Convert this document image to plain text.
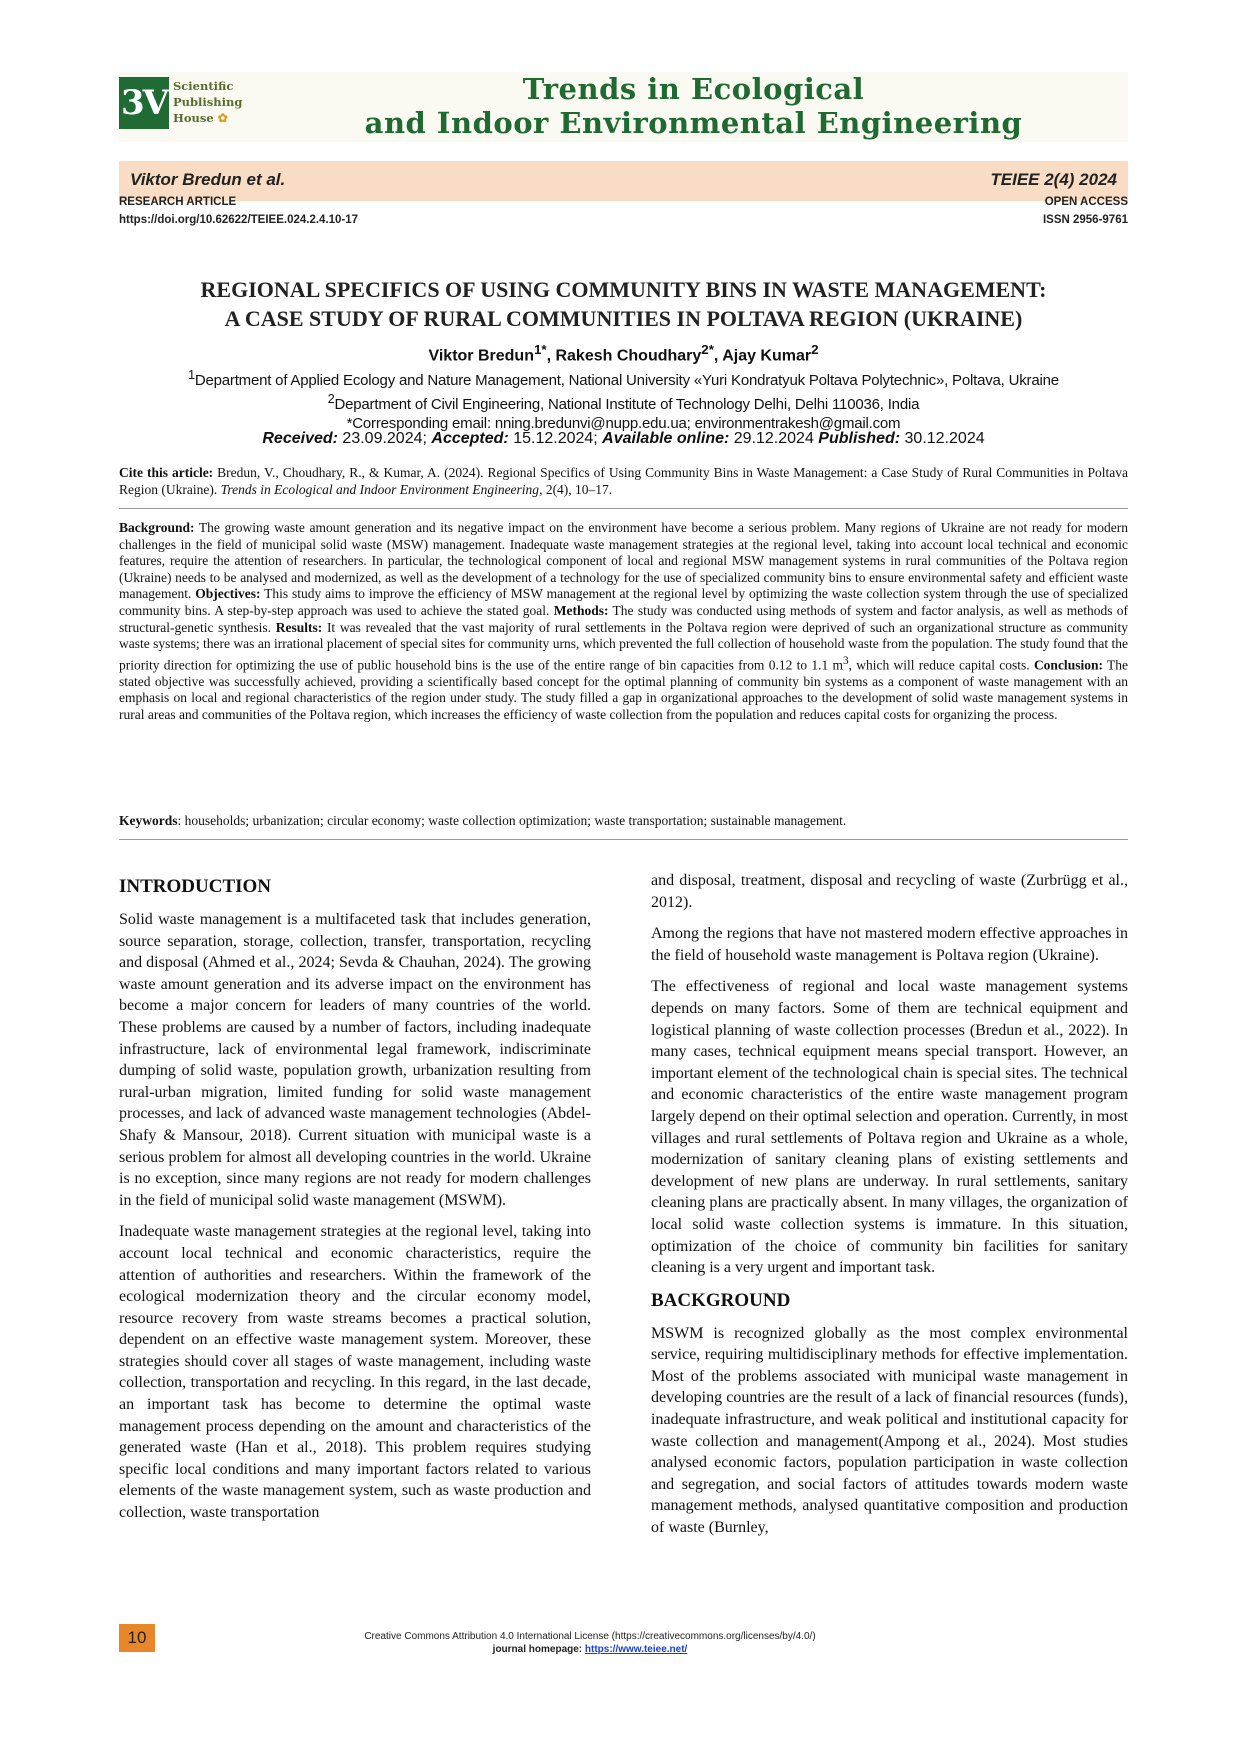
3V Scientific
Publishing
House ✿
Trends in Ecological
and Indoor Environmental Engineering
Viktor Bredun et al.	TEIEE 2(4) 2024
RESEARCH ARTICLE
https://doi.org/10.62622/TEIEE.024.2.4.10-17
OPEN ACCESS
ISSN 2956-9761
REGIONAL SPECIFICS OF USING COMMUNITY BINS IN WASTE MANAGEMENT:
A CASE STUDY OF RURAL COMMUNITIES IN POLTAVA REGION (UKRAINE)
Viktor Bredun$^{1*}$, Rakesh Choudhary$^{2*}$, Ajay Kumar$^2$
$^1$Department of Applied Ecology and Nature Management, National University «Yuri Kondratyuk Poltava Polytechnic», Poltava, Ukraine
$^2$Department of Civil Engineering, National Institute of Technology Delhi, Delhi 110036, India
*Corresponding email: nning.bredunvi@nupp.edu.ua; environmentrakesh@gmail.com
Received: 23.09.2024; Accepted: 15.12.2024; Available online: 29.12.2024 Published: 30.12.2024
Cite this article: Bredun, V., Choudhary, R., & Kumar, A. (2024). Regional Specifics of Using Community Bins in Waste Management: a Case Study of Rural Communities in Poltava Region (Ukraine). Trends in Ecological and Indoor Environment Engineering, 2(4), 10–17.
Background: The growing waste amount generation and its negative impact on the environment have become a serious problem. Many regions of Ukraine are not ready for modern challenges in the field of municipal solid waste (MSW) management. Inadequate waste management strategies at the regional level, taking into account local technical and economic features, require the attention of researchers. In particular, the technological component of local and regional MSW management systems in rural communities of the Poltava region (Ukraine) needs to be analysed and modernized, as well as the development of a technology for the use of specialized community bins to ensure environmental safety and efficient waste management. Objectives: This study aims to improve the efficiency of MSW management at the regional level by optimizing the waste collection system through the use of specialized community bins. A step-by-step approach was used to achieve the stated goal. Methods: The study was conducted using methods of system and factor analysis, as well as methods of structural-genetic synthesis. Results: It was revealed that the vast majority of rural settlements in the Poltava region were deprived of such an organizational structure as community waste systems; there was an irrational placement of special sites for community urns, which prevented the full collection of household waste from the population. The study found that the priority direction for optimizing the use of public household bins is the use of the entire range of bin capacities from 0.12 to 1.1 $m^3$, which will reduce capital costs. Conclusion: The stated objective was successfully achieved, providing a scientifically based concept for the optimal planning of community bin systems as a component of waste management with an emphasis on local and regional characteristics of the region under study. The study filled a gap in organizational approaches to the development of solid waste management systems in rural areas and communities of the Poltava region, which increases the efficiency of waste collection from the population and reduces capital costs for organizing the process.
Keywords: households; urbanization; circular economy; waste collection optimization; waste transportation; sustainable management.
INTRODUCTION

Solid waste management is a multifaceted task that includes generation, source separation, storage, collection, transfer, transportation, recycling and disposal (Ahmed et al., 2024; Sevda & Chauhan, 2024). The growing waste amount generation and its adverse impact on the environment has become a major concern for leaders of many countries of the world. These problems are caused by a number of factors, including inadequate infrastructure, lack of environmental legal framework, indiscriminate dumping of solid waste, population growth, urbanization resulting from rural-urban migration, limited funding for solid waste management processes, and lack of advanced waste management technologies (Abdel-Shafy & Mansour, 2018). Current situation with municipal waste is a serious problem for almost all developing countries in the world. Ukraine is no exception, since many regions are not ready for modern challenges in the field of municipal solid waste management (MSWM).

Inadequate waste management strategies at the regional level, taking into account local technical and economic characteristics, require the attention of authorities and researchers. Within the framework of the ecological modernization theory and the circular economy model, resource recovery from waste streams becomes a practical solution, dependent on an effective waste management system. Moreover, these strategies should cover all stages of waste management, including waste collection, transportation and recycling. In this regard, in the last decade, an important task has become to determine the optimal waste management process depending on the amount and characteristics of the generated waste (Han et al., 2018). This problem requires studying specific local conditions and many important factors related to various elements of the waste management system, such as waste production and collection, waste transportation

and disposal, treatment, disposal and recycling of waste (Zurbrügg et al., 2012).

Among the regions that have not mastered modern effective approaches in the field of household waste management is Poltava region (Ukraine).

The effectiveness of regional and local waste management systems depends on many factors. Some of them are technical equipment and logistical planning of waste collection processes (Bredun et al., 2022). In many cases, technical equipment means special transport. However, an important element of the technological chain is special sites. The technical and economic characteristics of the entire waste management program largely depend on their optimal selection and operation. Currently, in most villages and rural settlements of Poltava region and Ukraine as a whole, modernization of sanitary cleaning plans of existing settlements and development of new plans are underway. In rural settlements, sanitary cleaning plans are practically absent. In many villages, the organization of local solid waste collection systems is immature. In this situation, optimization of the choice of community bin facilities for sanitary cleaning is a very urgent and important task.

BACKGROUND

MSWM is recognized globally as the most complex environmental service, requiring multidisciplinary methods for effective implementation. Most of the problems associated with municipal waste management in developing countries are the result of a lack of financial resources (funds), inadequate infrastructure, and weak political and institutional capacity for waste collection and management(Ampong et al., 2024). Most studies analysed economic factors, population participation in waste collection and segregation, and social factors of attitudes towards modern waste management methods, analysed quantitative composition and production of waste (Burnley,

10	Creative Commons Attribution 4.0 International License (https://creativecommons.org/licenses/by/4.0/)
journal homepage: https://www.teiee.net/
